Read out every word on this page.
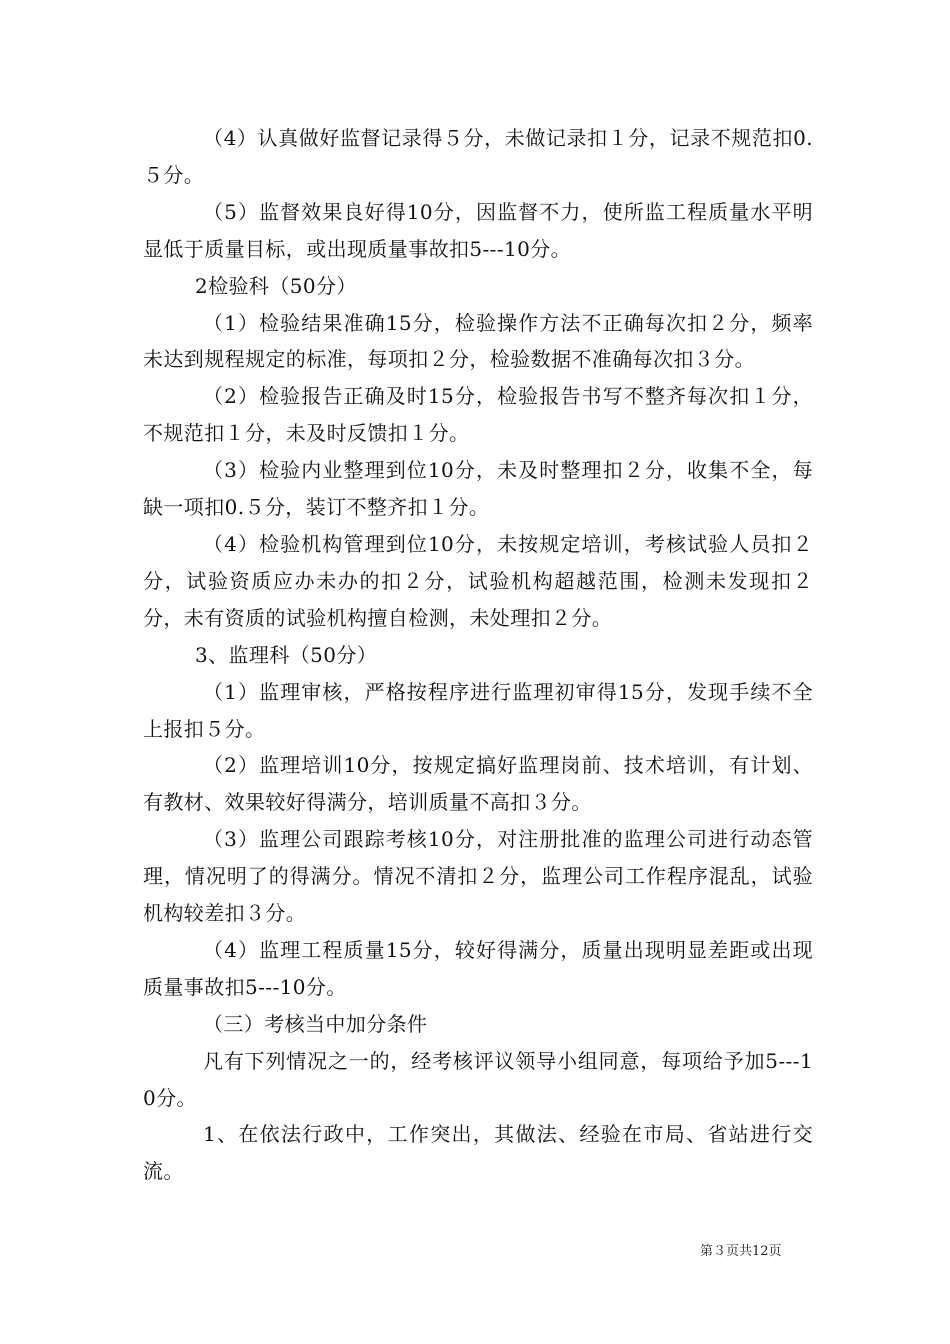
（4）认真做好监督记录得５分，未做记录扣１分，记录不规范扣0.５分。

（5）监督效果良好得10分，因监督不力，使所监工程质量水平明显低于质量目标，或出现质量事故扣5---10分。

2检验科（50分）

（1）检验结果准确15分，检验操作方法不正确每次扣２分，频率未达到规程规定的标准，每项扣２分，检验数据不准确每次扣３分。

（2）检验报告正确及时15分，检验报告书写不整齐每次扣１分，不规范扣１分，未及时反馈扣１分。

（3）检验内业整理到位10分，未及时整理扣２分，收集不全，每缺一项扣0.５分，装订不整齐扣１分。

（4）检验机构管理到位10分，未按规定培训，考核试验人员扣２分，试验资质应办未办的扣２分，试验机构超越范围，检测未发现扣２分，未有资质的试验机构擅自检测，未处理扣２分。

3、监理科（50分）

（1）监理审核，严格按程序进行监理初审得15分，发现手续不全上报扣５分。

（2）监理培训10分，按规定搞好监理岗前、技术培训，有计划、有教材、效果较好得满分，培训质量不高扣３分。

（3）监理公司跟踪考核10分，对注册批准的监理公司进行动态管理，情况明了的得满分。情况不清扣２分，监理公司工作程序混乱，试验机构较差扣３分。

（4）监理工程质量15分，较好得满分，质量出现明显差距或出现质量事故扣5---10分。

（三）考核当中加分条件

凡有下列情况之一的，经考核评议领导小组同意，每项给予加5---10分。

1、在依法行政中，工作突出，其做法、经验在市局、省站进行交流。

第３页共12页
